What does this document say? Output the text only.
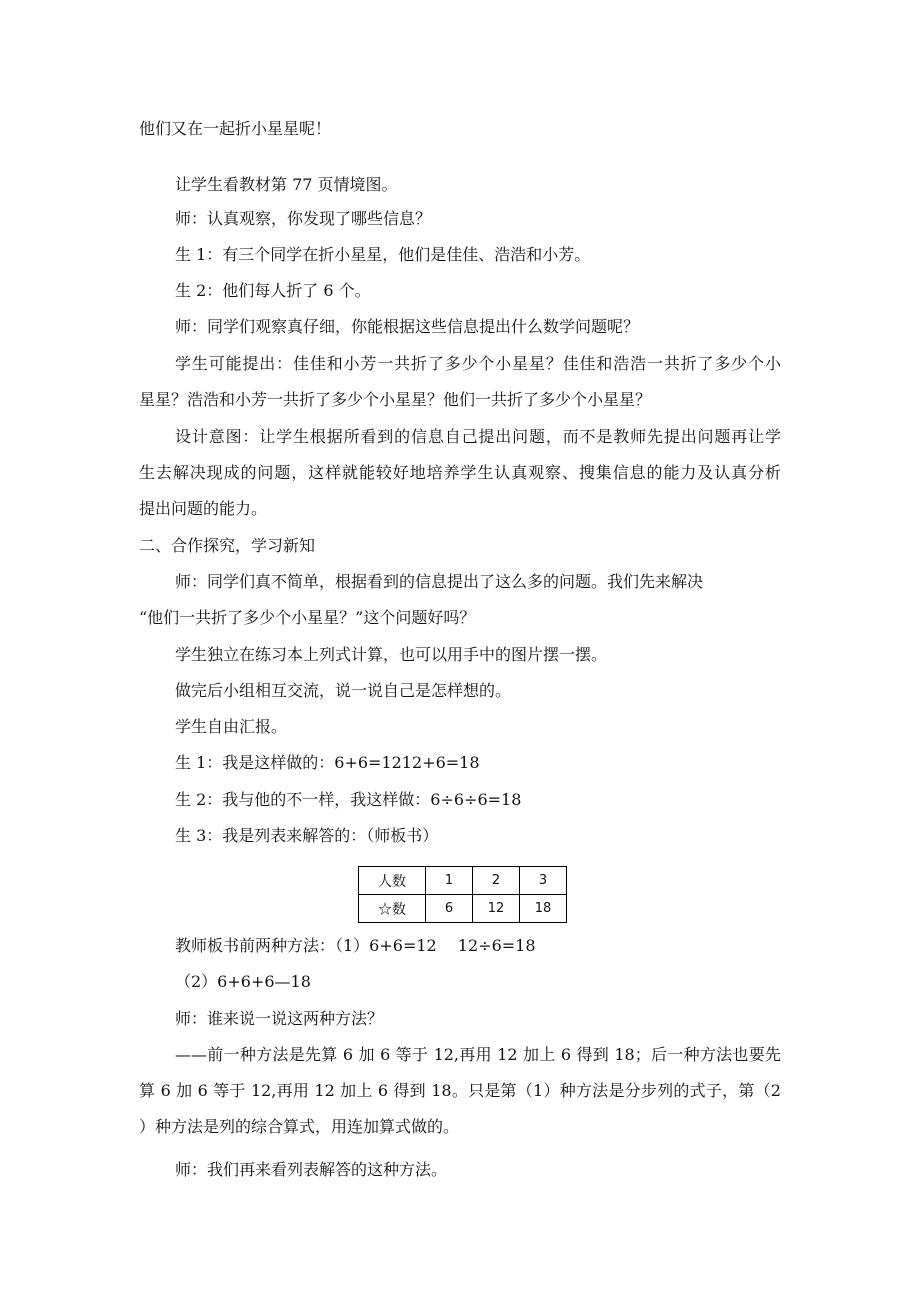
他们又在一起折小星星呢！
让学生看教材第 77 页情境图。
师：认真观察，你发现了哪些信息？
生 1：有三个同学在折小星星，他们是佳佳、浩浩和小芳。
生 2：他们每人折了 6 个。
师：同学们观察真仔细，你能根据这些信息提出什么数学问题呢？
学生可能提出：佳佳和小芳一共折了多少个小星星？佳佳和浩浩一共折了多少个小
星星？浩浩和小芳一共折了多少个小星星？他们一共折了多少个小星星？
设计意图：让学生根据所看到的信息自己提出问题，而不是教师先提出问题再让学
生去解决现成的问题，这样就能较好地培养学生认真观察、搜集信息的能力及认真分析
提出问题的能力。
二、合作探究，学习新知
师：同学们真不简单，根据看到的信息提出了这么多的问题。我们先来解决
“他们一共折了多少个小星星？”这个问题好吗？
学生独立在练习本上列式计算，也可以用手中的图片摆一摆。
做完后小组相互交流，说一说自己是怎样想的。
学生自由汇报。
生 1：我是这样做的：6+6=1212+6=18
生 2：我与他的不一样，我这样做：6÷6÷6=18
生 3：我是列表来解答的：（师板书）
人数	1	2	3
☆数	6	12	18
教师板书前两种方法：（1）6+6=12　 12÷6=18
（2）6+6+6—18
师：谁来说一说这两种方法？
——前一种方法是先算 6 加 6 等于 12,再用 12 加上 6 得到 18；后一种方法也要先
算 6 加 6 等于 12,再用 12 加上 6 得到 18。只是第（1）种方法是分步列的式子，第（2
）种方法是列的综合算式，用连加算式做的。
师：我们再来看列表解答的这种方法。
